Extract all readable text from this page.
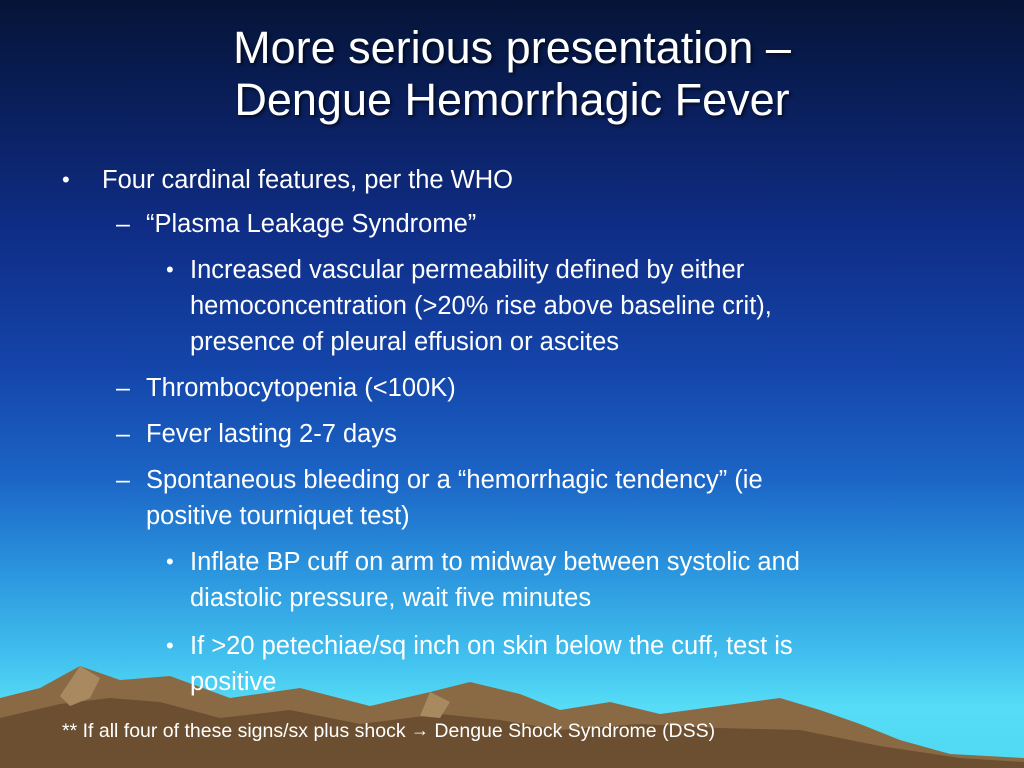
More serious presentation –
Dengue Hemorrhagic Fever
• Four cardinal features, per the WHO
– “Plasma Leakage Syndrome”
• Increased vascular permeability defined by either
hemoconcentration (>20% rise above baseline crit),
presence of pleural effusion or ascites
– Thrombocytopenia (<100K)
– Fever lasting 2-7 days
– Spontaneous bleeding or a “hemorrhagic tendency” (ie
positive tourniquet test)
• Inflate BP cuff on arm to midway between systolic and
diastolic pressure, wait five minutes
• If >20 petechiae/sq inch on skin below the cuff, test is
positive
** If all four of these signs/sx plus shock → Dengue Shock Syndrome (DSS)
